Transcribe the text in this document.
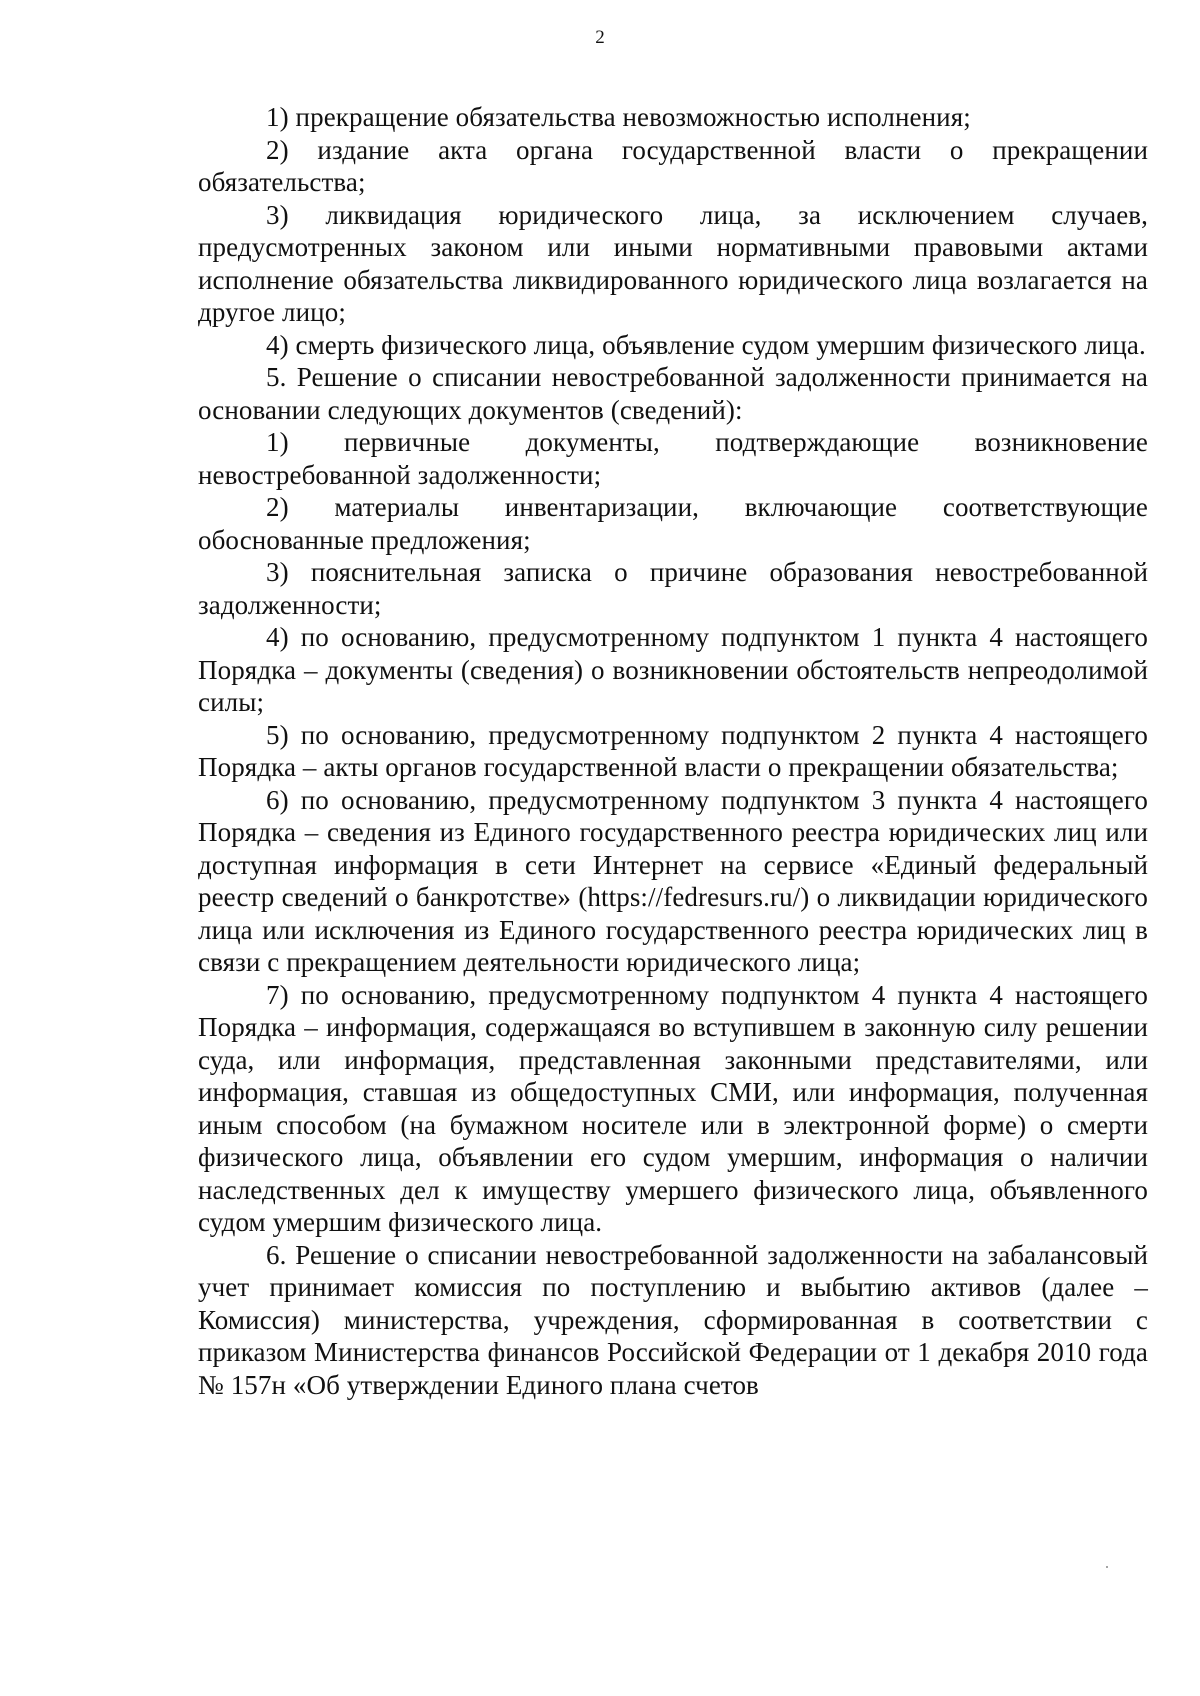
2

1) прекращение обязательства невозможностью исполнения;

2) издание акта органа государственной власти о прекращении обязательства;

3) ликвидация юридического лица, за исключением случаев, предусмотренных законом или иными нормативными правовыми актами исполнение обязательства ликвидированного юридического лица возлагается на другое лицо;

4) смерть физического лица, объявление судом умершим физического лица.

5. Решение о списании невостребованной задолженности принимается на основании следующих документов (сведений):

1) первичные документы, подтверждающие возникновение невостребованной задолженности;

2) материалы инвентаризации, включающие соответствующие обоснованные предложения;

3) пояснительная записка о причине образования невостребованной задолженности;

4) по основанию, предусмотренному подпунктом 1 пункта 4 настоящего Порядка – документы (сведения) о возникновении обстоятельств непреодолимой силы;

5) по основанию, предусмотренному подпунктом 2 пункта 4 настоящего Порядка – акты органов государственной власти о прекращении обязательства;

6) по основанию, предусмотренному подпунктом 3 пункта 4 настоящего Порядка – сведения из Единого государственного реестра юридических лиц или доступная информация в сети Интернет на сервисе «Единый федеральный реестр сведений о банкротстве» (https://fedresurs.ru/) о ликвидации юридического лица или исключения из Единого государственного реестра юридических лиц в связи с прекращением деятельности юридического лица;

7) по основанию, предусмотренному подпунктом 4 пункта 4 настоящего Порядка – информация, содержащаяся во вступившем в законную силу решении суда, или информация, представленная законными представителями, или информация, ставшая из общедоступных СМИ, или информация, полученная иным способом (на бумажном носителе или в электронной форме) о смерти физического лица, объявлении его судом умершим, информация о наличии наследственных дел к имуществу умершего физического лица, объявленного судом умершим физического лица.

6. Решение о списании невостребованной задолженности на забалансовый учет принимает комиссия по поступлению и выбытию активов (далее – Комиссия) министерства, учреждения, сформированная в соответствии с приказом Министерства финансов Российской Федерации от 1 декабря 2010 года № 157н «Об утверждении Единого плана счетов
